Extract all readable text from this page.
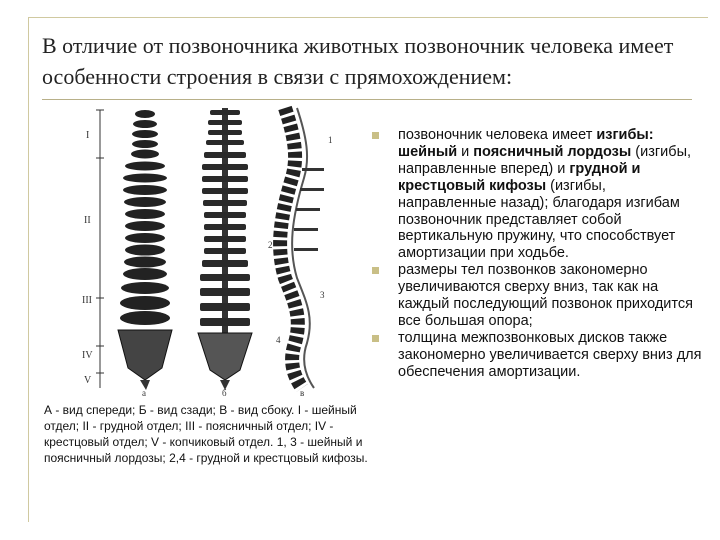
В отличие от позвоночника животных позвоночник человека имеет особенности строения в связи с прямохождением:
I
II
III
IV
V
а	б
1
2
3
4
в
А - вид спереди; Б - вид сзади; В - вид сбоку. I - шейный отдел; II - грудной отдел; III - поясничный отдел; IV - крестцовый отдел; V - копчиковый отдел. 1, 3 - шейный и поясничный лордозы; 2,4 - грудной и крестцовый кифозы.
позвоночник человека имеет изгибы: шейный и поясничный лордозы (изгибы, направленные вперед) и грудной и крестцовый кифозы (изгибы, направленные назад); благодаря изгибам позвоночник представляет собой вертикальную пружину, что способствует амортизации при ходьбе.
размеры тел позвонков закономерно увеличиваются сверху вниз, так как на каждый последующий позвонок приходится все большая опора;
толщина межпозвонковых дисков также закономерно увеличивается сверху вниз для обеспечения амортизации.
